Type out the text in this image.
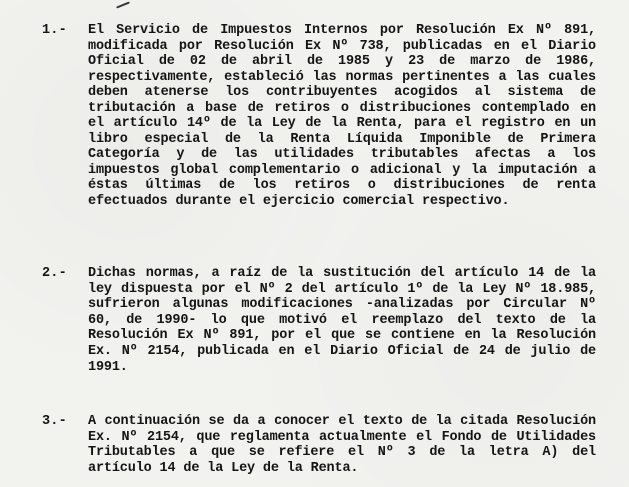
1.- El Servicio de Impuestos Internos por Resolución Ex Nº 891, modificada por Resolución Ex Nº 738, publicadas en el Diario Oficial de 02 de abril de 1985 y 23 de marzo de 1986, respectivamente, estableció las normas pertinentes a las cuales deben atenerse los contribuyentes acogidos al sistema de tributación a base de retiros o distribuciones contemplado en el artículo 14º de la Ley de la Renta, para el registro en un libro especial de la Renta Líquida Imponible de Primera Categoría y de las utilidades tributables afectas a los impuestos global complementario o adicional y la imputación a éstas últimas de los retiros o distribuciones de renta efectuados durante el ejercicio comercial respectivo.
2.- Dichas normas, a raíz de la sustitución del artículo 14 de la ley dispuesta por el Nº 2 del artículo 1º de la Ley Nº 18.985, sufrieron algunas modificaciones -analizadas por Circular Nº 60, de 1990- lo que motivó el reemplazo del texto de la Resolución Ex Nº 891, por el que se contiene en la Resolución Ex. Nº 2154, publicada en el Diario Oficial de 24 de julio de 1991.
3.- A continuación se da a conocer el texto de la citada Resolución Ex. Nº 2154, que reglamenta actualmente el Fondo de Utilidades Tributables a que se refiere el Nº 3 de la letra A) del artículo 14 de la Ley de la Renta.
